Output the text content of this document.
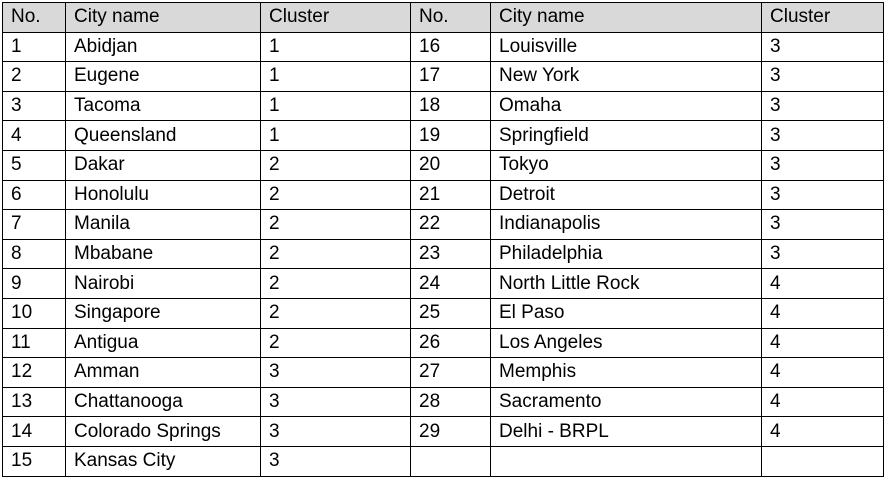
No.	City name	Cluster	No.	City name	Cluster
1	Abidjan	1	16	Louisville	3
2	Eugene	1	17	New York	3
3	Tacoma	1	18	Omaha	3
4	Queensland	1	19	Springfield	3
5	Dakar	2	20	Tokyo	3
6	Honolulu	2	21	Detroit	3
7	Manila	2	22	Indianapolis	3
8	Mbabane	2	23	Philadelphia	3
9	Nairobi	2	24	North Little Rock	4
10	Singapore	2	25	El Paso	4
11	Antigua	2	26	Los Angeles	4
12	Amman	3	27	Memphis	4
13	Chattanooga	3	28	Sacramento	4
14	Colorado Springs	3	29	Delhi - BRPL	4
15	Kansas City	3			
